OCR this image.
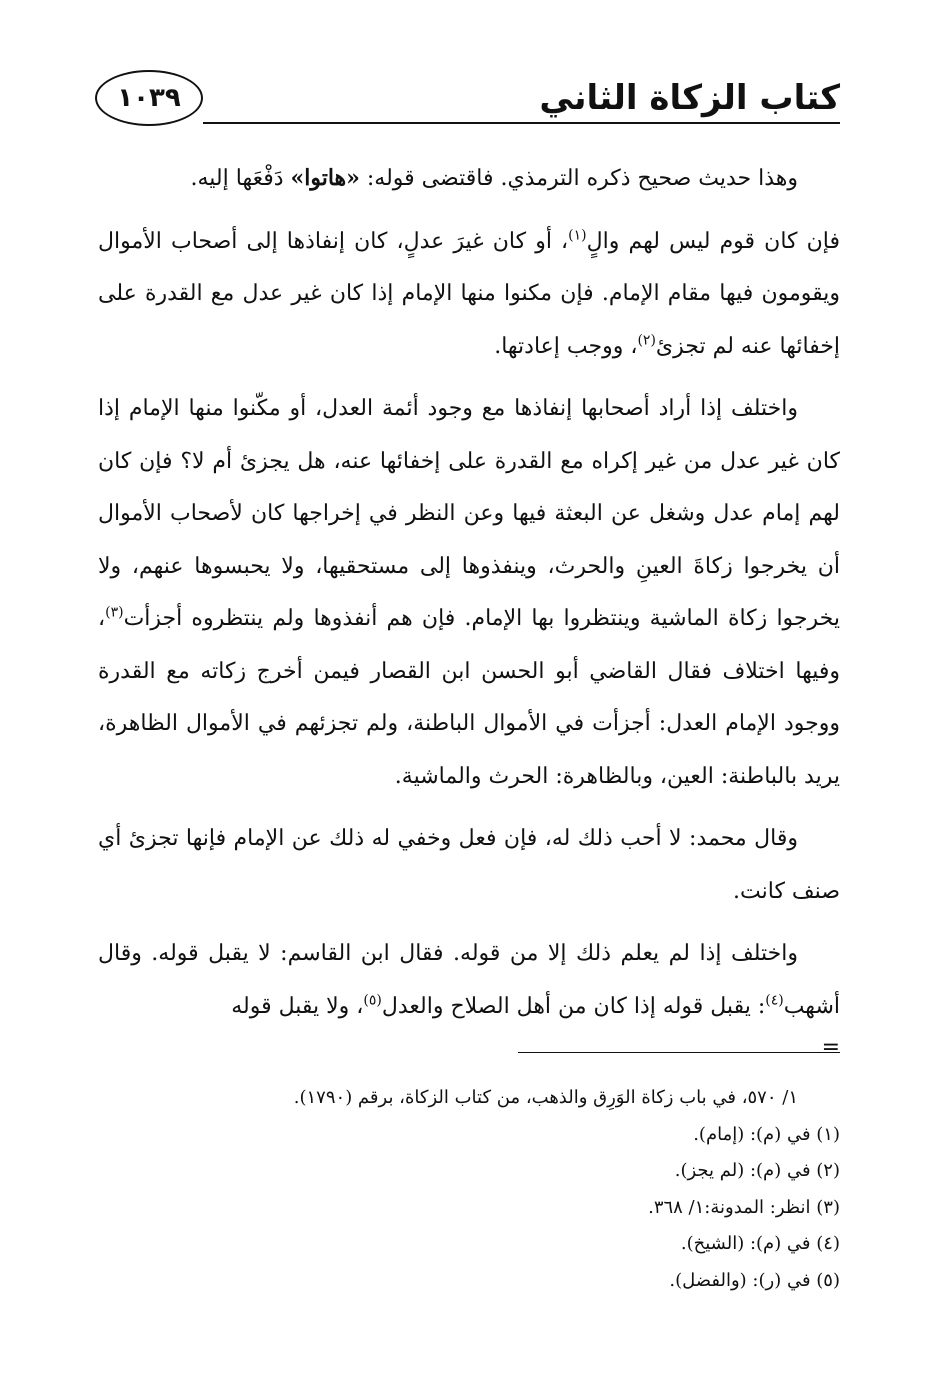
كتاب الزكاة الثاني
١٠٣٩

وهذا حديث صحيح ذكره الترمذي. فاقتضى قوله: «هاتوا» دَفْعَها إليه.

فإن كان قوم ليس لهم والٍ$^{(١)}$، أو كان غيرَ عدلٍ، كان إنفاذها إلى أصحاب الأموال ويقومون فيها مقام الإمام. فإن مكنوا منها الإمام إذا كان غير عدل مع القدرة على إخفائها عنه لم تجزئ$^{(٢)}$، ووجب إعادتها.

واختلف إذا أراد أصحابها إنفاذها مع وجود أئمة العدل، أو مكّنوا منها الإمام إذا كان غير عدل من غير إكراه مع القدرة على إخفائها عنه، هل يجزئ أم لا؟ فإن كان لهم إمام عدل وشغل عن البعثة فيها وعن النظر في إخراجها كان لأصحاب الأموال أن يخرجوا زكاةَ العينِ والحرث، وينفذوها إلى مستحقيها، ولا يحبسوها عنهم، ولا يخرجوا زكاة الماشية وينتظروا بها الإمام. فإن هم أنفذوها ولم ينتظروه أجزأت$^{(٣)}$، وفيها اختلاف فقال القاضي أبو الحسن ابن القصار فيمن أخرج زكاته مع القدرة ووجود الإمام العدل: أجزأت في الأموال الباطنة، ولم تجزئهم في الأموال الظاهرة، يريد بالباطنة: العين، وبالظاهرة: الحرث والماشية.

وقال محمد: لا أحب ذلك له، فإن فعل وخفي له ذلك عن الإمام فإنها تجزئ أي صنف كانت.

واختلف إذا لم يعلم ذلك إلا من قوله. فقال ابن القاسم: لا يقبل قوله. وقال أشهب$^{(٤)}$: يقبل قوله إذا كان من أهل الصلاح والعدل$^{(٥)}$، ولا يقبل قوله

=
١/ ٥٧٠، في باب زكاة الوَرِق والذهب، من كتاب الزكاة، برقم (١٧٩٠).
(١) في (م): (إمام).
(٢) في (م): (لم يجز).
(٣) انظر: المدونة:١/ ٣٦٨.
(٤) في (م): (الشيخ).
(٥) في (ر): (والفضل).
